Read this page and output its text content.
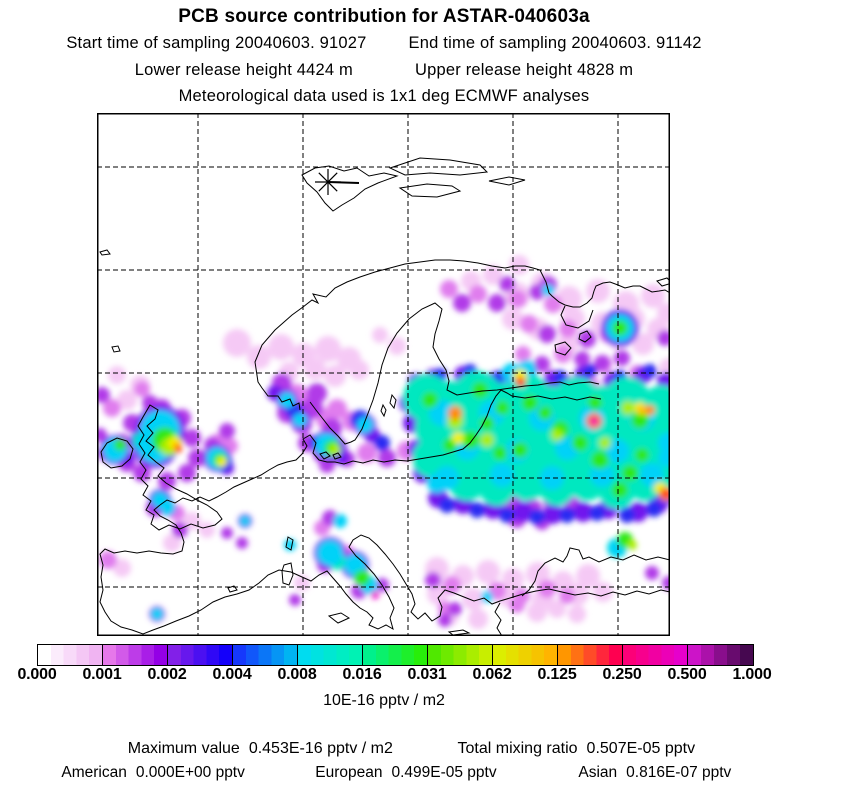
PCB source contribution for ASTAR-040603a
Start time of sampling 20040603. 91027	End time of sampling 20040603. 91142
Lower release height 4424 m	Upper release height 4828 m
Meteorological data used is 1x1 deg ECMWF analyses
0.000 0.001 0.002 0.004 0.008 0.016 0.031 0.062 0.125 0.250 0.500 1.000
10E-16 pptv / m2

Maximum value 0.453E-16 pptv / m2
	Total mixing ratio 0.507E-05 pptv

American 0.000E+00 pptv
	European 0.499E-05 pptv
	Asian 0.816E-07 pptv
